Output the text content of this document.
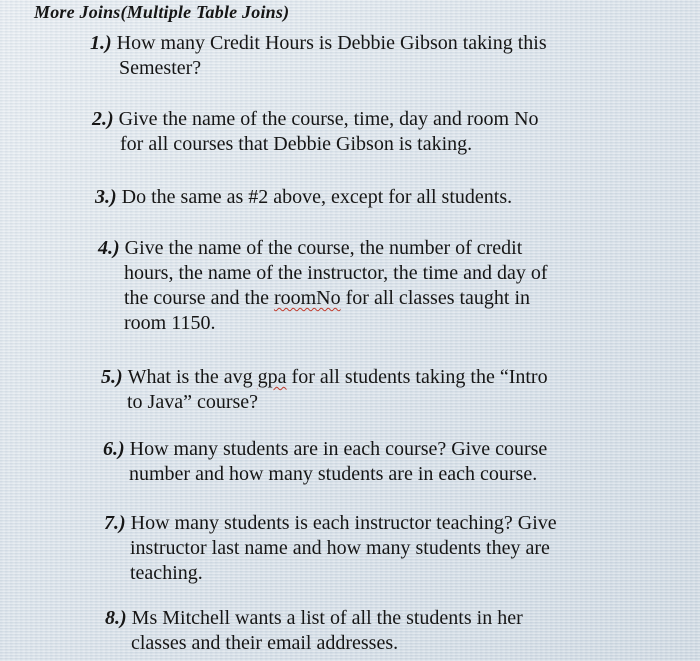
More Joins(Multiple Table Joins)
1.) How many Credit Hours is Debbie Gibson taking this
Semester?
2.) Give the name of the course, time, day and room No
for all courses that Debbie Gibson is taking.
3.) Do the same as #2 above, except for all students.
4.) Give the name of the course, the number of credit
hours, the name of the instructor, the time and day of
the course and the roomNo for all classes taught in
room 1150.
5.) What is the avg gpa for all students taking the “Intro
to Java” course?
6.) How many students are in each course? Give course
number and how many students are in each course.
7.) How many students is each instructor teaching? Give
instructor last name and how many students they are
teaching.
8.) Ms Mitchell wants a list of all the students in her
classes and their email addresses.
